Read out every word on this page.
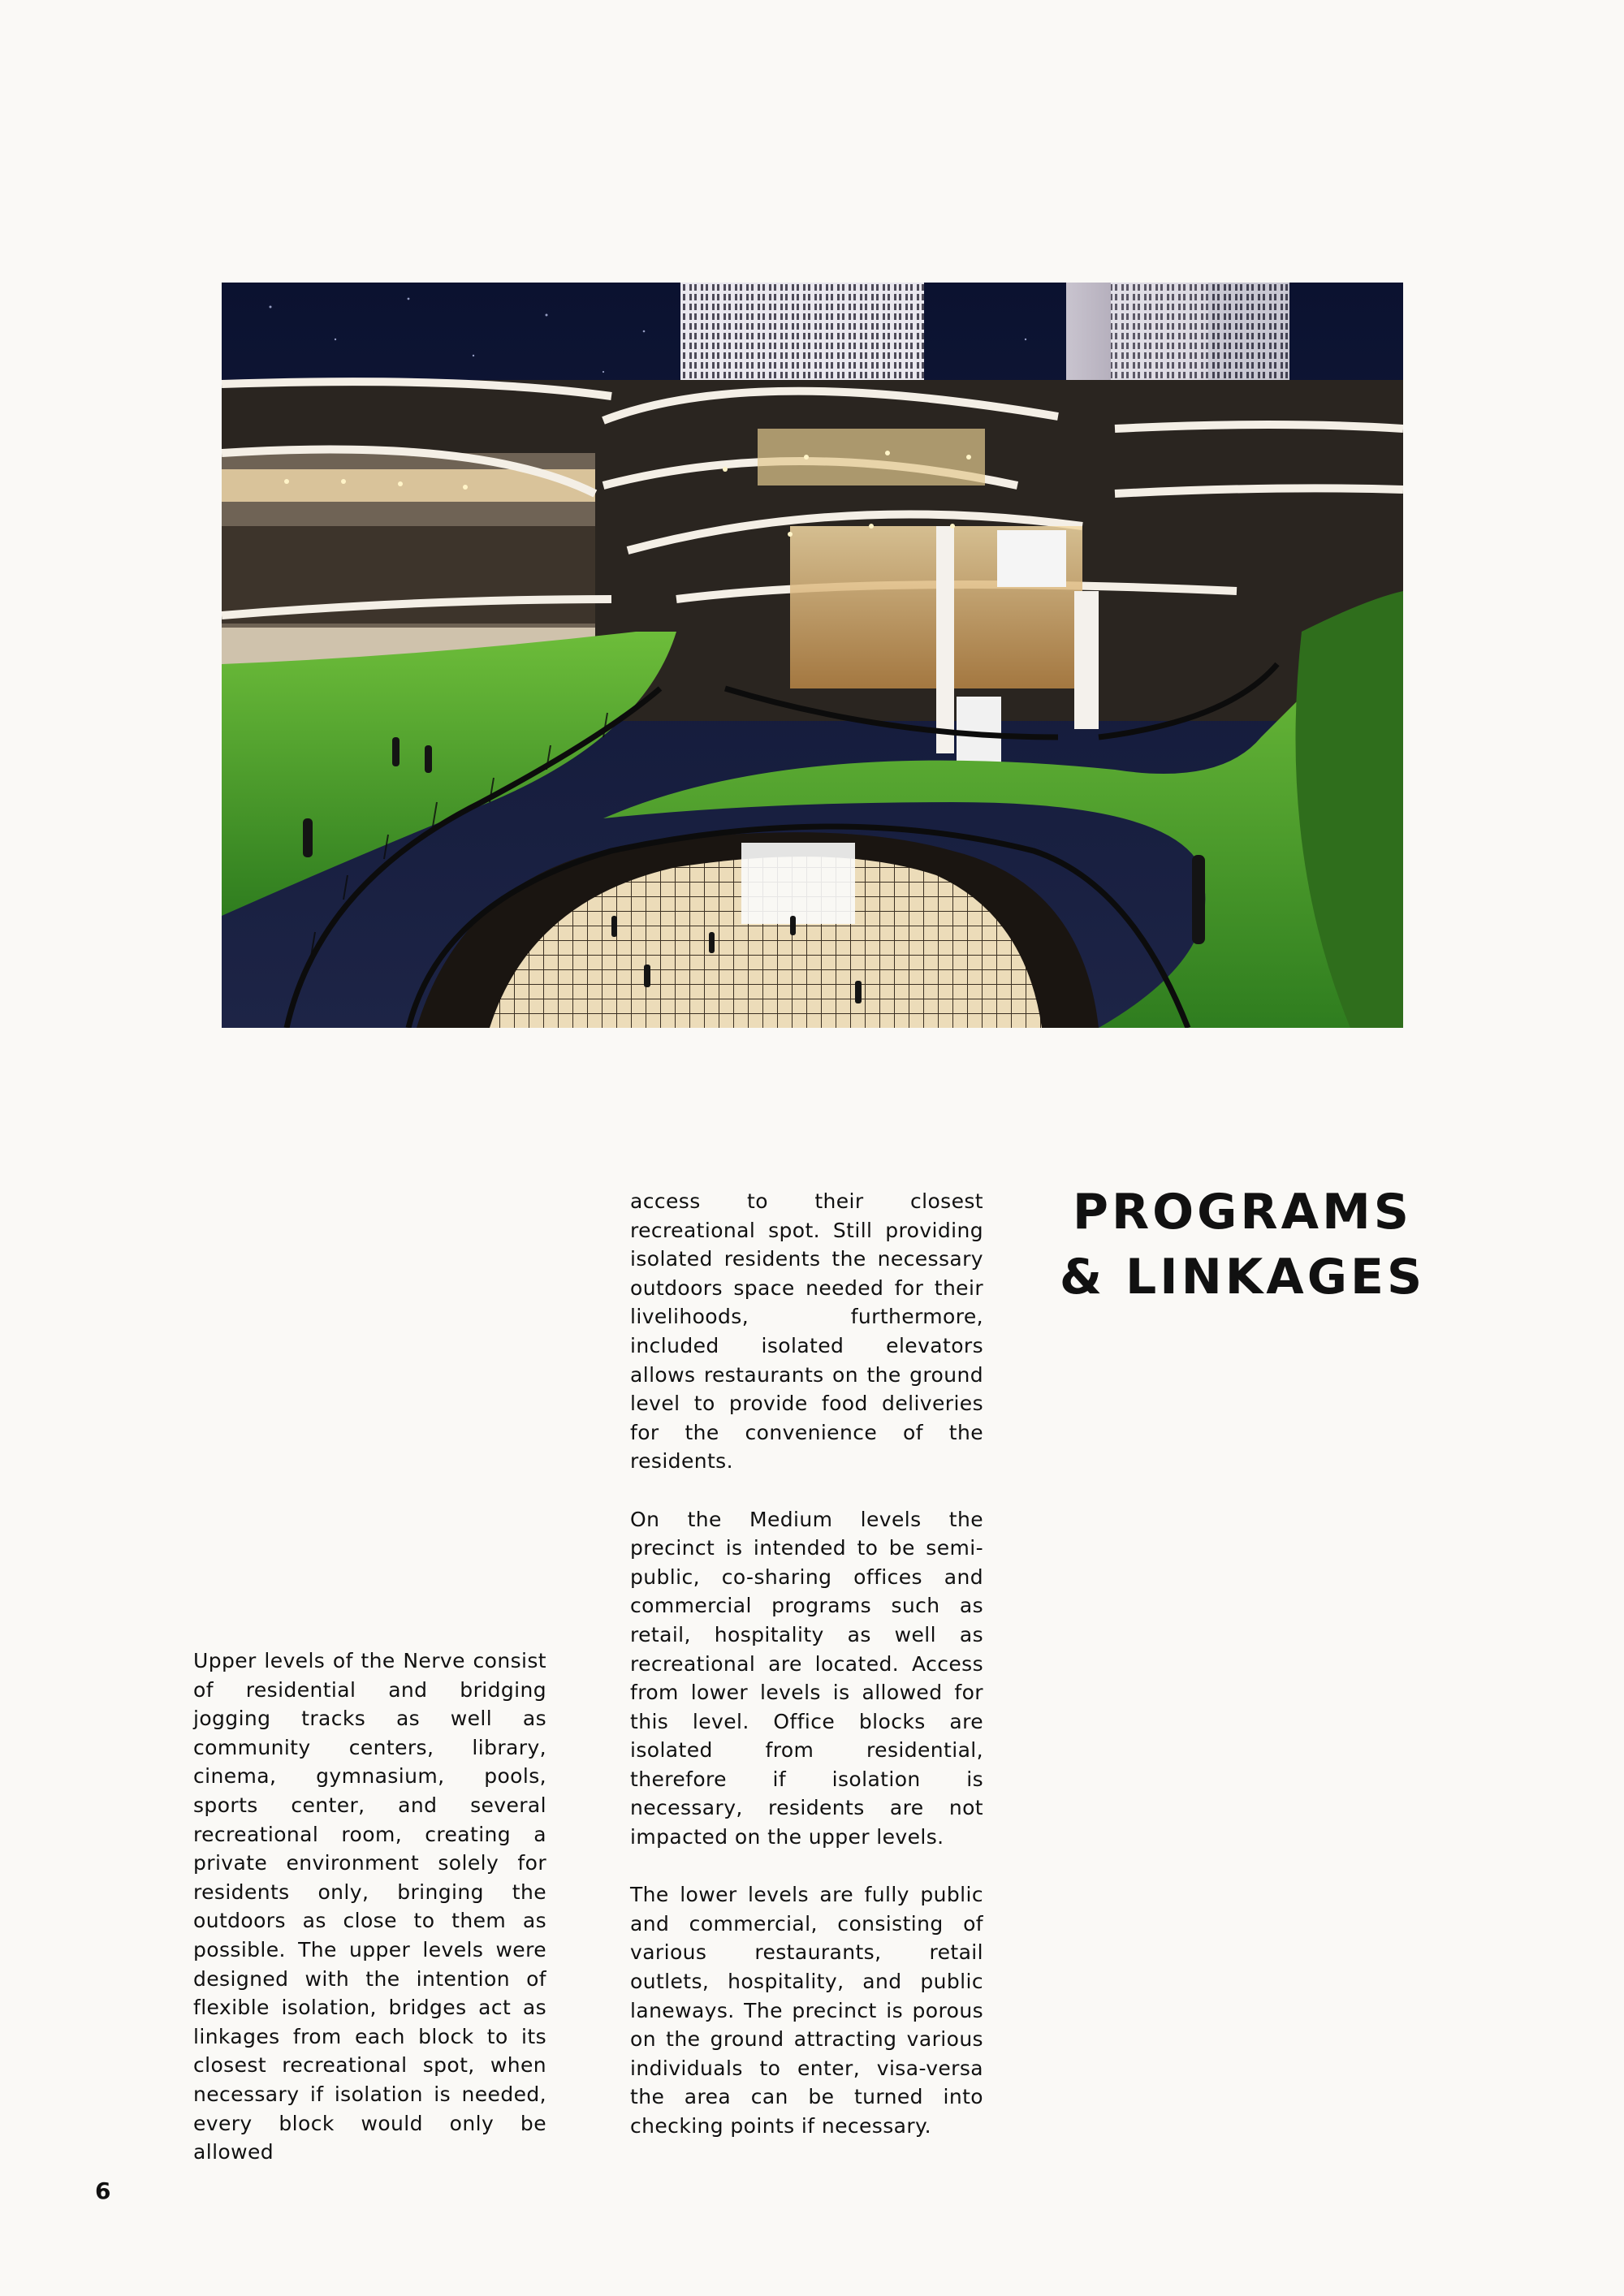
PROGRAMS
& LINKAGES

Upper levels of the Nerve consist of residential and bridging jogging tracks as well as community centers, library, cinema, gymnasium, pools, sports center, and several recreational room, creating a private environment solely for residents only, bringing the outdoors as close to them as possible. The upper levels were designed with the intention of flexible isolation, bridges act as linkages from each block to its closest recreational spot, when necessary if isolation is needed, every block would only be allowed

access to their closest recreational spot. Still providing isolated residents the necessary outdoors space needed for their livelihoods, furthermore, included isolated elevators allows restaurants on the ground level to provide food deliveries for the convenience of the residents.

On the Medium levels the precinct is intended to be semi-public, co-sharing offices and commercial programs such as retail, hospitality as well as recreational are located. Access from lower levels is allowed for this level. Office blocks are isolated from residential, therefore if isolation is necessary, residents are not impacted on the upper levels.

The lower levels are fully public and commercial, consisting of various restaurants, retail outlets, hospitality, and public laneways. The precinct is porous on the ground attracting various individuals to enter, visa-versa the area can be turned into checking points if necessary.

6
